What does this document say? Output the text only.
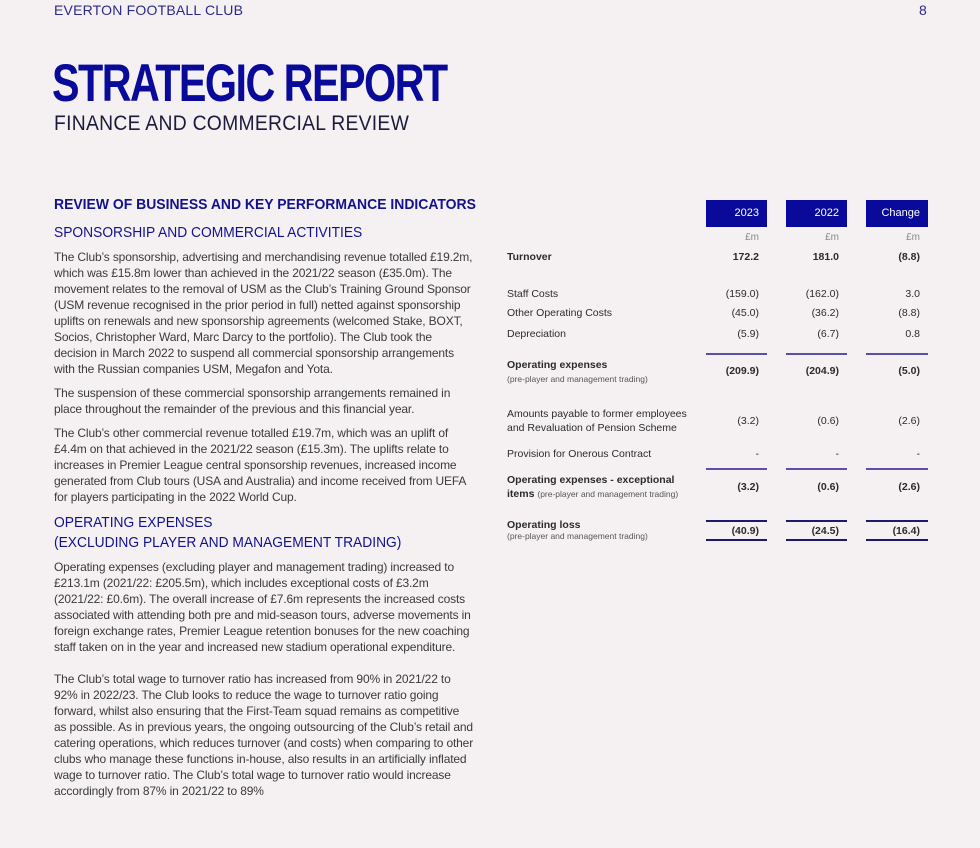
EVERTON FOOTBALL CLUB	8
STRATEGIC REPORT
FINANCE AND COMMERCIAL REVIEW
REVIEW OF BUSINESS AND KEY PERFORMANCE INDICATORS
SPONSORSHIP AND COMMERCIAL ACTIVITIES

The Club’s sponsorship, advertising and merchandising revenue totalled £19.2m, which was £15.8m lower than achieved in the 2021/22 season (£35.0m). The movement relates to the removal of USM as the Club’s Training Ground Sponsor (USM revenue recognised in the prior period in full) netted against sponsorship uplifts on renewals and new sponsorship agreements (welcomed Stake, BOXT, Socios, Christopher Ward, Marc Darcy to the portfolio). The Club took the decision in March 2022 to suspend all commercial sponsorship arrangements with the Russian companies USM, Megafon and Yota.

The suspension of these commercial sponsorship arrangements remained in place throughout the remainder of the previous and this financial year.

The Club’s other commercial revenue totalled £19.7m, which was an uplift of £4.4m on that achieved in the 2021/22 season (£15.3m). The uplifts relate to increases in Premier League central sponsorship revenues, increased income generated from Club tours (USA and Australia) and income received from UEFA for players participating in the 2022 World Cup.

OPERATING EXPENSES
(EXCLUDING PLAYER AND MANAGEMENT TRADING)

Operating expenses (excluding player and management trading) increased to £213.1m (2021/22: £205.5m), which includes exceptional costs of £3.2m (2021/22: £0.6m). The overall increase of £7.6m represents the increased costs associated with attending both pre and mid-season tours, adverse movements in foreign exchange rates, Premier League retention bonuses for the new coaching staff taken on in the year and increased new stadium operational expenditure.

The Club’s total wage to turnover ratio has increased from 90% in 2021/22 to 92% in 2022/23. The Club looks to reduce the wage to turnover ratio going forward, whilst also ensuring that the First-Team squad remains as competitive as possible. As in previous years, the ongoing outsourcing of the Club’s retail and catering operations, which reduces turnover (and costs) when comparing to other clubs who manage these functions in-house, also results in an artificially inflated wage to turnover ratio. The Club’s total wage to turnover ratio would increase accordingly from 87% in 2021/22 to 89%

2023	2022	Change
£m	£m	£m
Turnover	172.2	181.0	(8.8)
Staff Costs	(159.0)	(162.0)	3.0
Other Operating Costs	(45.0)	(36.2)	(8.8)
Depreciation	(5.9)	(6.7)	0.8
Operating expenses
(pre-player and management trading)
(209.9)	(204.9)	(5.0)
Amounts payable to former employees
and Revaluation of Pension Scheme
(3.2)	(0.6)	(2.6)
Provision for Onerous Contract	-	-	-
Operating expenses - exceptional
items (pre-player and management trading)
(3.2)	(0.6)	(2.6)
Operating loss
(pre-player and management trading)	(40.9)	(24.5)	(16.4)
